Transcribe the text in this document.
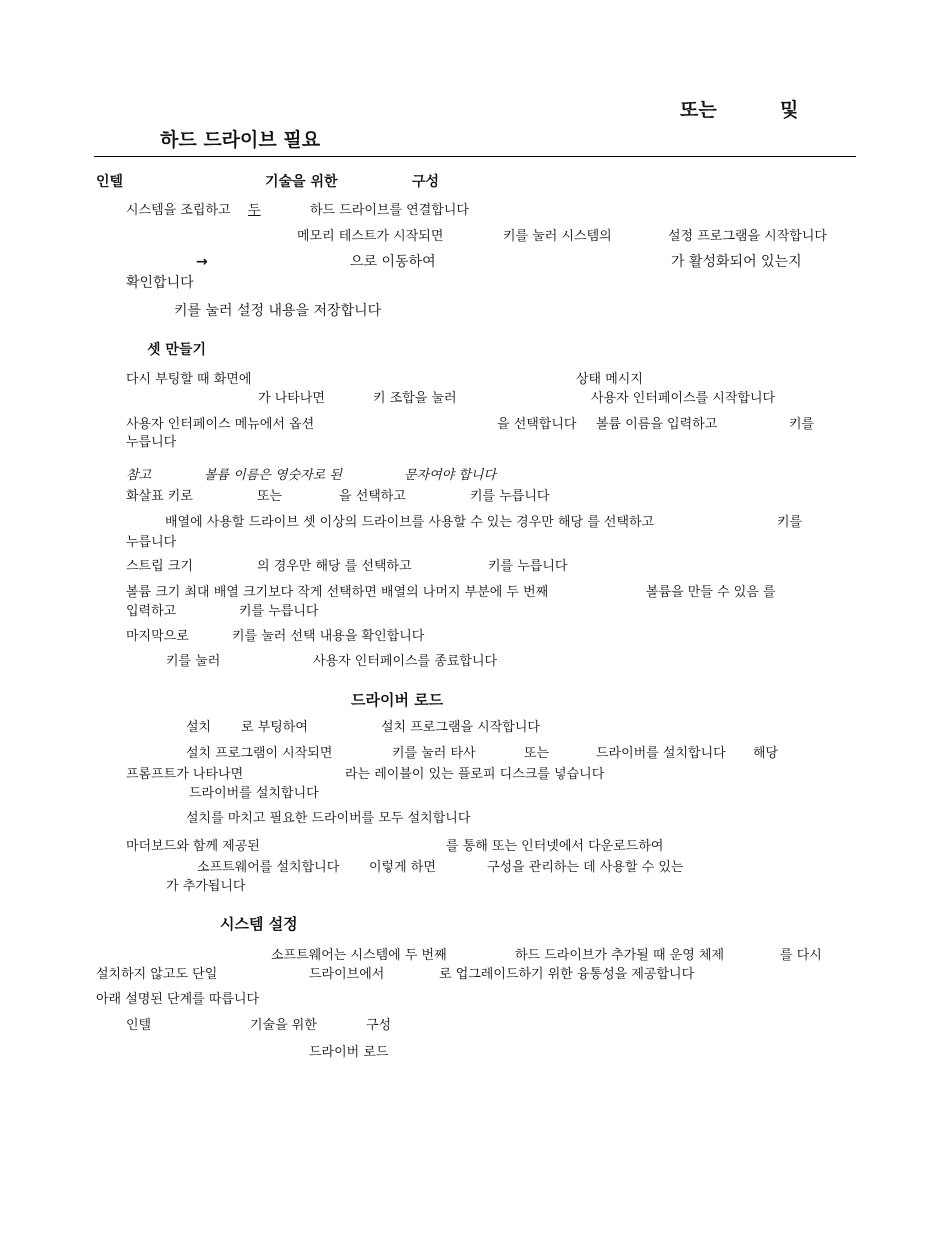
또는	및
하드 드라이브 필요
인텔	기술을 위한	구성
시스템을 조립하고 두	하드 드라이브를 연결합니다
메모리 테스트가 시작되면	키를 눌러 시스템의	설정 프로그램을 시작합니다
→	으로 이동하여	가 활성화되어 있는지
확인합니다
키를 눌러 설정 내용을 저장합니다
셋 만들기
다시 부팅할 때 화면에	상태 메시지
가 나타나면	키 조합을 눌러	사용자 인터페이스를 시작합니다
사용자 인터페이스 메뉴에서 옵션	을 선택합니다 볼륨 이름을 입력하고	키를
누릅니다
참고	볼륨 이름은 영숫자로 된	문자여야 합니다
화살표 키로	또는	을 선택하고	키를 누릅니다
배열에 사용할 드라이브 셋 이상의 드라이브를 사용할 수 있는 경우만 해당 를 선택하고	키를
누릅니다
스트립 크기	의 경우만 해당 를 선택하고	키를 누릅니다
볼륨 크기 최대 배열 크기보다 작게 선택하면 배열의 나머지 부분에 두 번째	볼륨을 만들 수 있음 를
입력하고	키를 누릅니다
마지막으로	키를 눌러 선택 내용을 확인합니다
키를 눌러	사용자 인터페이스를 종료합니다
드라이버 로드
설치 로 부팅하여	설치 프로그램을 시작합니다
설치 프로그램이 시작되면	키를 눌러 타사	또는	드라이버를 설치합니다 해당
프롬프트가 나타나면	라는 레이블이 있는 플로피 디스크를 넣습니다
드라이버를 설치합니다
설치를 마치고 필요한 드라이버를 모두 설치합니다
마더보드와 함께 제공된	를 통해 또는 인터넷에서 다운로드하여
소프트웨어를 설치합니다 이렇게 하면	구성을 관리하는 데 사용할 수 있는
가 추가됩니다
시스템 설정
소프트웨어는 시스템에 두 번째	하드 드라이브가 추가될 때 운영 체제	를 다시
설치하지 않고도 단일	드라이브에서	로 업그레이드하기 위한 융통성을 제공합니다
아래 설명된 단계를 따릅니다
인텔	기술을 위한	구성
드라이버 로드
